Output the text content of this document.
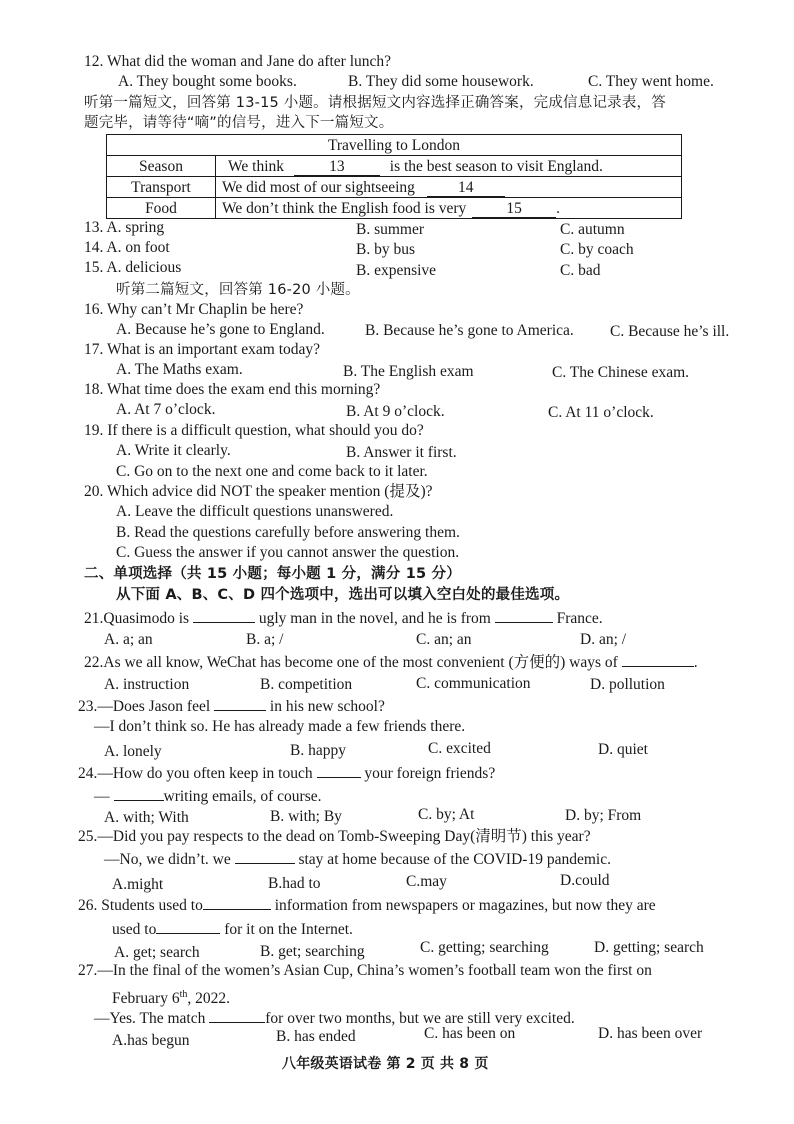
12. What did the woman and Jane do after lunch?
A. They bought some books.	B. They did some housework.	C. They went home.
听第一篇短文，回答第 13-15 小题。请根据短文内容选择正确答案，完成信息记录表，答
题完毕，请等待“嘀”的信号，进入下一篇短文。
Travelling to London	
Season	We think 13 is the best season to visit England.
Transport	We did most of our sightseeing 14
Food	We don’t think the English food is very 15 .
13. A. spring	B. summer	C. autumn
14. A. on foot	B. by bus	C. by coach
15. A. delicious	B. expensive	C. bad
听第二篇短文，回答第 16-20 小题。
16. Why can’t Mr Chaplin be here?
A. Because he’s gone to England.	B. Because he’s gone to America. C. Because he’s ill.
17. What is an important exam today?
A. The Maths exam.	B. The English exam	C. The Chinese exam.
18. What time does the exam end this morning?
A. At 7 o’clock.	B. At 9 o’clock.	C. At 11 o’clock.
19. If there is a difficult question, what should you do?
A. Write it clearly.	B. Answer it first.
C. Go on to the next one and come back to it later.
20. Which advice did NOT the speaker mention (提及)?
A. Leave the difficult questions unanswered.
B. Read the questions carefully before answering them.
C. Guess the answer if you cannot answer the question.
二、单项选择（共 15 小题；每小题 1 分，满分 15 分）
从下面 A、B、C、D 四个选项中，选出可以填入空白处的最佳选项。
21.Quasimodo is	ugly man in the novel, and he is from	France.
A. a; an	B. a; /	C. an; an	D. an; /
22.As we all know, WeChat has become one of the most convenient (方便的) ways of	.
A. instruction	B. competition	C. communication	D. pollution
23.—Does Jason feel	in his new school?
—I don’t think so. He has already made a few friends there.
A. lonely	B. happy	C. excited	D. quiet
24.—How do you often keep in touch	your foreign friends?
—	writing emails, of course.
A. with; With	B. with; By	C. by; At	D. by; From
25.—Did you pay respects to the dead on Tomb-Sweeping Day(清明节) this year?
—No, we didn’t. we	stay at home because of the COVID-19 pandemic.
A.might	B.had to	C.may	D.could
26. Students used to	information from newspapers or magazines, but now they are
used to	for it on the Internet.
A. get; search	B. get; searching	C. getting; searching	D. getting; search
27.—In the final of the women’s Asian Cup, China’s women’s football team won the first on
February 6th, 2022.
—Yes. The match	for over two months, but we are still very excited.
A.has begun	B. has ended	C. has been on	D. has been over
八年级英语试卷 第 2 页 共 8 页
